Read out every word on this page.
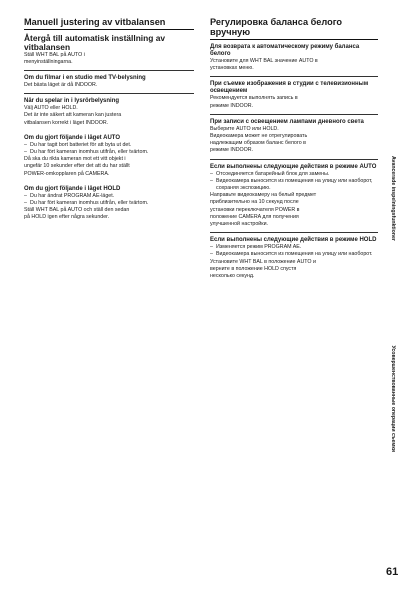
Manuell justering av vitbalansen
Återgå till automatisk inställning av vitbalansen

Ställ WHT BAL på AUTO i

menyinställningarna.

Om du filmar i en studio med TV-belysning

Det bästa läget är då INDOOR.

När du spelar in i lysrörbelysning

Välj AUTO eller HOLD.

Det är inte säkert att kameran kan justera

vitbalansen korrekt i läget INDOOR.

Om du gjort följande i läget AUTO

– Du har tagit bort batteriet för att byta ut det.

– Du har fört kameran inomhus utifrån, eller tvärtom.

Då ska du rikta kameran mot ett vitt objekt i

ungefär 10 sekunder efter det att du har ställt

POWER-omkopplaren på CAMERA.

Om du gjort följande i läget HOLD

– Du har ändrat PROGRAM AE-läget.

– Du har fört kameran inomhus utifrån, eller tvärtom.

Ställ WHT BAL på AUTO och ställ den sedan

på HOLD igen efter några sekunder.

Регулировка баланса белого вручную
Для возврата к автоматическому режиму баланса белого

Установите для WHT BAL значение AUTO в

установках меню.

При съемке изображения в студии с телевизионным освещением

Рекомендуется выполнять запись в

режиме INDOOR.

При записи с освещением лампами дневного света

Выберите AUTO или HOLD.

Видеокамера может не отрегулировать

надлежащим образом баланс белого в

режиме INDOOR.

Если выполнены следующие действия в режиме AUTO

– Отсоединяется батарейный блок для замены.

– Видеокамера выносится из помещения на улицу или наоборот, сохраняя экспозицию.

Направьте видеокамеру на белый предмет

приблизительно на 10 секунд после

установки переключателя POWER в

положение CAMERA для получения

улучшенной настройки.

Если выполнены следующие действия в режиме HOLD

– Изменяется режим PROGRAM AE.

– Видеокамера выносится из помещения на улицу или наоборот.

Установите WHT BAL в положение AUTO и

верните в положение HOLD спустя

несколько секунд.

Avancerade inspelningsfunktioner
Усовершенствованные операции съемки
61
